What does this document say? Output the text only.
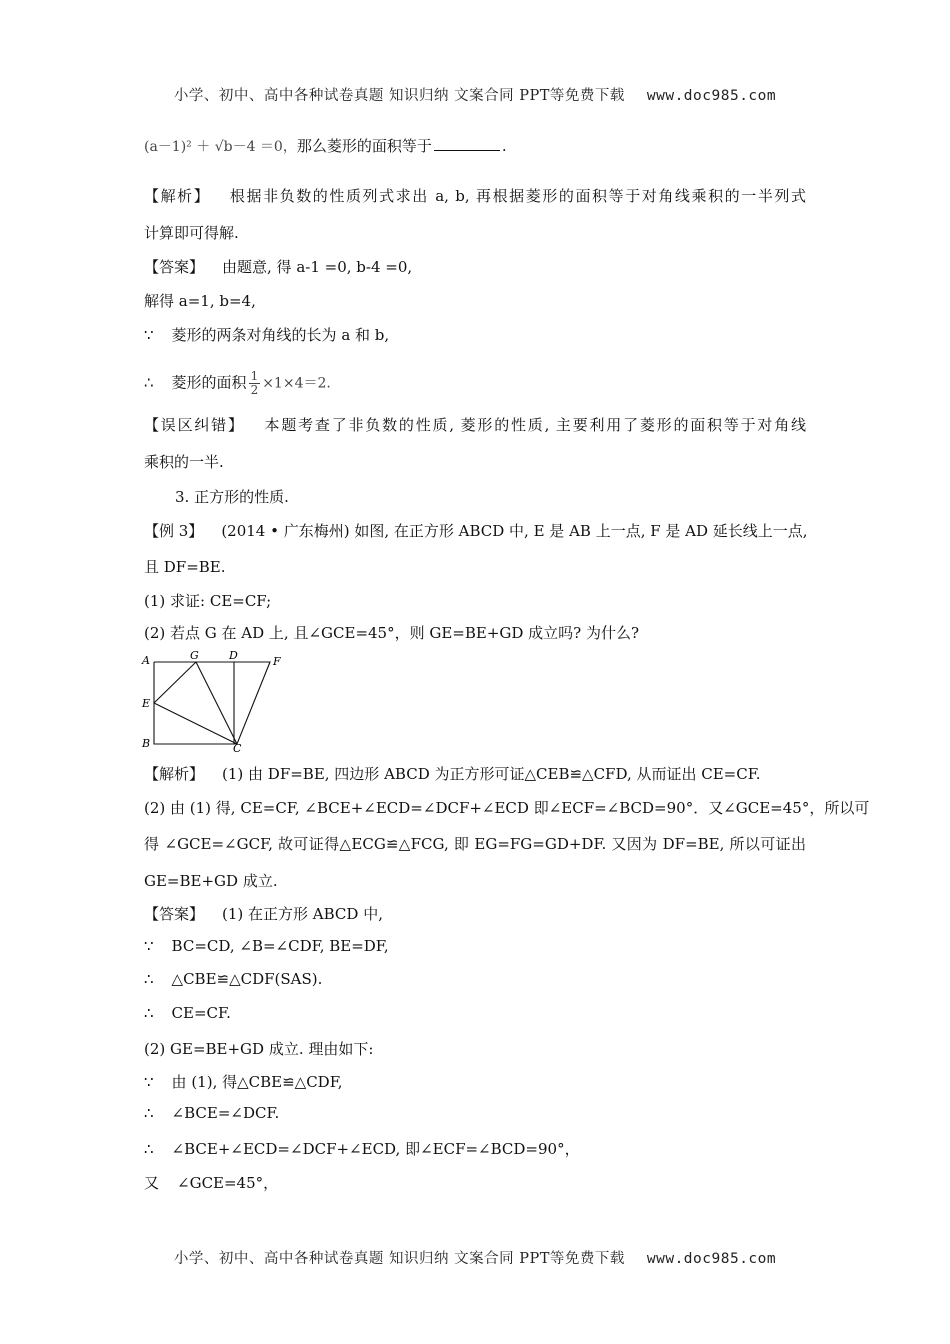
小学、初中、高中各种试卷真题 知识归纳 文案合同 PPT等免费下载 www.doc985.com
(a－1)² ＋ √b－4 ＝0，那么菱形的面积等于	.
【解析】 根据非负数的性质列式求出 a, b, 再根据菱形的面积等于对角线乘积的一半列式
计算即可得解.
【答案】 由题意, 得 a-1 =0, b-4 =0,
解得 a=1, b=4,
∵ 菱形的两条对角线的长为 a 和 b,
∴ 菱形的面积 $\frac{1}{2} \times 1\times 4=2$.
【误区纠错】 本题考查了非负数的性质, 菱形的性质, 主要利用了菱形的面积等于对角线
乘积的一半.
3. 正方形的性质.
【例 3】 (2014 • 广东梅州) 如图, 在正方形 ABCD 中, E 是 AB 上一点, F 是 AD 延长线上一点,
且 DF=BE.
(1) 求证: CE=CF;
(2) 若点 G 在 AD 上, 且∠GCE=45°，则 GE=BE+GD 成立吗? 为什么?
A	G	D	F
E
B	C
【解析】 (1) 由 DF=BE, 四边形 ABCD 为正方形可证△CEB≌△CFD, 从而证出 CE=CF.
(2) 由 (1) 得, CE=CF, ∠BCE+∠ECD=∠DCF+∠ECD 即∠ECF=∠BCD=90°．又∠GCE=45°，所以可
得 ∠GCE=∠GCF, 故可证得△ECG≌△FCG, 即 EG=FG=GD+DF. 又因为 DF=BE, 所以可证出
GE=BE+GD 成立.
【答案】 (1) 在正方形 ABCD 中,
∵ BC=CD, ∠B=∠CDF, BE=DF,
∴ △CBE≌△CDF(SAS).
∴ CE=CF.
(2) GE=BE+GD 成立. 理由如下:
∵ 由 (1), 得△CBE≌△CDF,
∴ ∠BCE=∠DCF.
∴ ∠BCE+∠ECD=∠DCF+∠ECD, 即∠ECF=∠BCD=90°，
又 ∠GCE=45°，
小学、初中、高中各种试卷真题 知识归纳 文案合同 PPT等免费下载 www.doc985.com
